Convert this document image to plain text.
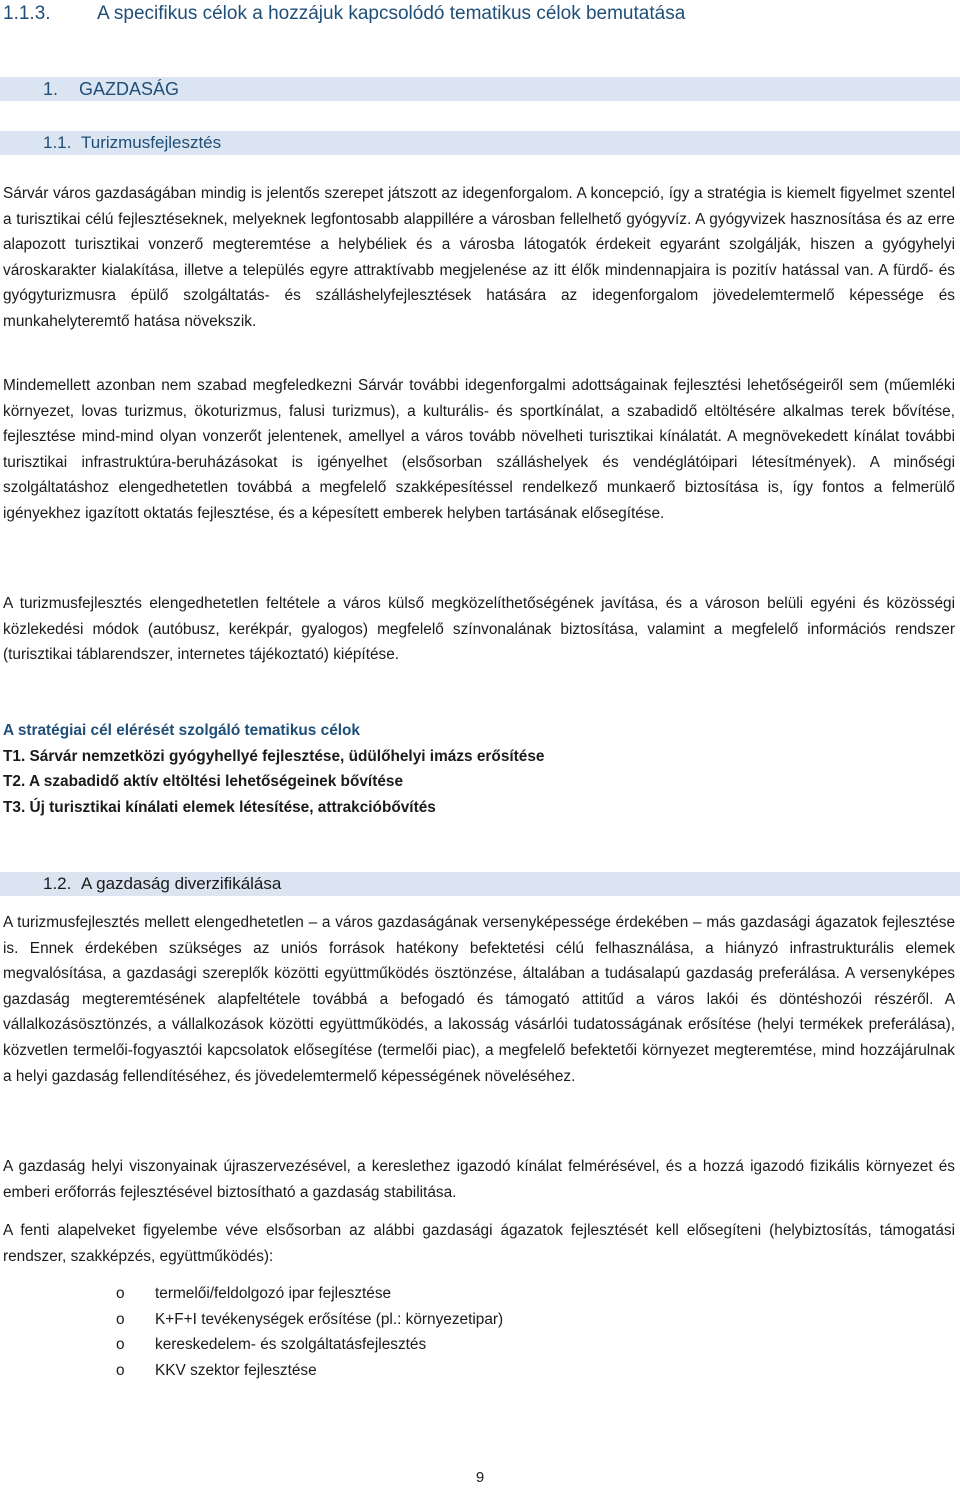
1.1.3. A specifikus célok a hozzájuk kapcsolódó tematikus célok bemutatása
1. GAZDASÁG
1.1. Turizmusfejlesztés

Sárvár város gazdaságában mindig is jelentős szerepet játszott az idegenforgalom. A koncepció, így a stratégia is kiemelt figyelmet szentel a turisztikai célú fejlesztéseknek, melyeknek legfontosabb alappillére a városban fellelhető gyógyvíz. A gyógyvizek hasznosítása és az erre alapozott turisztikai vonzerő megteremtése a helybéliek és a városba látogatók érdekeit egyaránt szolgálják, hiszen a gyógyhelyi városkarakter kialakítása, illetve a település egyre attraktívabb megjelenése az itt élők mindennapjaira is pozitív hatással van. A fürdő- és gyógyturizmusra épülő szolgáltatás- és szálláshelyfejlesztések hatására az idegenforgalom jövedelemtermelő képessége és munkahelyteremtő hatása növekszik.

Mindemellett azonban nem szabad megfeledkezni Sárvár további idegenforgalmi adottságainak fejlesztési lehetőségeiről sem (műemléki környezet, lovas turizmus, ökoturizmus, falusi turizmus), a kulturális- és sportkínálat, a szabadidő eltöltésére alkalmas terek bővítése, fejlesztése mind-mind olyan vonzerőt jelentenek, amellyel a város tovább növelheti turisztikai kínálatát. A megnövekedett kínálat további turisztikai infrastruktúra-beruházásokat is igényelhet (elsősorban szálláshelyek és vendéglátóipari létesítmények). A minőségi szolgáltatáshoz elengedhetetlen továbbá a megfelelő szakképesítéssel rendelkező munkaerő biztosítása is, így fontos a felmerülő igényekhez igazított oktatás fejlesztése, és a képesített emberek helyben tartásának elősegítése.

A turizmusfejlesztés elengedhetetlen feltétele a város külső megközelíthetőségének javítása, és a városon belüli egyéni és közösségi közlekedési módok (autóbusz, kerékpár, gyalogos) megfelelő színvonalának biztosítása, valamint a megfelelő információs rendszer (turisztikai táblarendszer, internetes tájékoztató) kiépítése.

A stratégiai cél elérését szolgáló tematikus célok
T1. Sárvár nemzetközi gyógyhellyé fejlesztése, üdülőhelyi imázs erősítése
T2. A szabadidő aktív eltöltési lehetőségeinek bővítése
T3. Új turisztikai kínálati elemek létesítése, attrakcióbővítés
1.2. A gazdaság diverzifikálása

A turizmusfejlesztés mellett elengedhetetlen – a város gazdaságának versenyképessége érdekében – más gazdasági ágazatok fejlesztése is. Ennek érdekében szükséges az uniós források hatékony befektetési célú felhasználása, a hiányzó infrastrukturális elemek megvalósítása, a gazdasági szereplők közötti együttműködés ösztönzése, általában a tudásalapú gazdaság preferálása. A versenyképes gazdaság megteremtésének alapfeltétele továbbá a befogadó és támogató attitűd a város lakói és döntéshozói részéről. A vállalkozásösztönzés, a vállalkozások közötti együttműködés, a lakosság vásárlói tudatosságának erősítése (helyi termékek preferálása), közvetlen termelői-fogyasztói kapcsolatok elősegítése (termelői piac), a megfelelő befektetői környezet megteremtése, mind hozzájárulnak a helyi gazdaság fellendítéséhez, és jövedelemtermelő képességének növeléséhez.

A gazdaság helyi viszonyainak újraszervezésével, a kereslethez igazodó kínálat felmérésével, és a hozzá igazodó fizikális környezet és emberi erőforrás fejlesztésével biztosítható a gazdaság stabilitása.

A fenti alapelveket figyelembe véve elsősorban az alábbi gazdasági ágazatok fejlesztését kell elősegíteni (helybiztosítás, támogatási rendszer, szakképzés, együttműködés):

o	termelői/feldolgozó ipar fejlesztése
o	K+F+I tevékenységek erősítése (pl.: környezetipar)
o	kereskedelem- és szolgáltatásfejlesztés
o	KKV szektor fejlesztése
9
